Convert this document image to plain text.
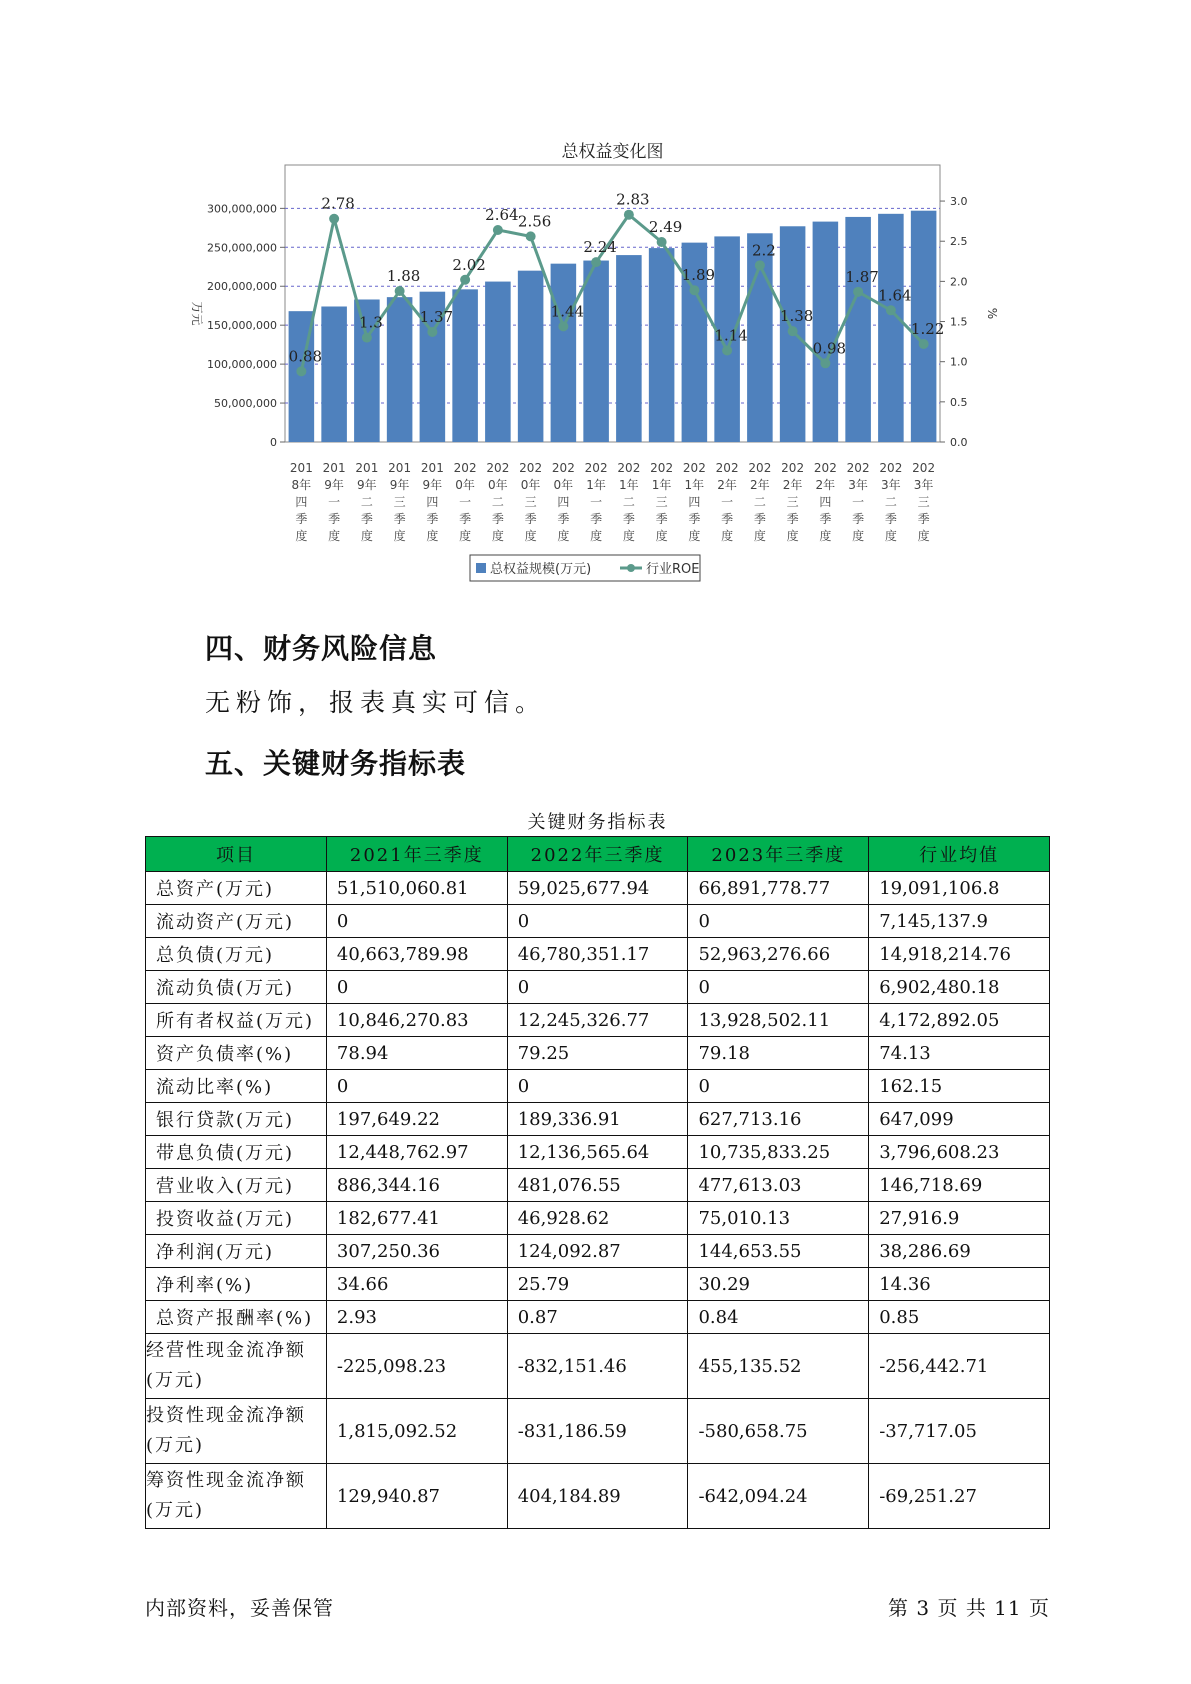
总权益变化图
0
50,000,000
100,000,000
150,000,000
200,000,000
250,000,000
300,000,000
0.0
0.5
1.0
1.5
2.0
2.5
3.0
万元	%
0.88
2.78
1.3
1.88
1.37
2.02
2.64 2.56
1.44
2.24
2.83
2.49
1.89
1.14
2.2
1.38
0.98
1.87
1.64
1.22
201
8年
四
季
度
201
9年
一
季
度
201
9年
二
季
度
201
9年
三
季
度
201
9年
四
季
度
202
0年
一
季
度
202
0年
二
季
度
202
0年
三
季
度
202
0年
四
季
度
202
1年
一
季
度
202
1年
二
季
度
202
1年
三
季
度
202
1年
四
季
度
202
2年
一
季
度
202
2年
二
季
度
202
2年
三
季
度
202
2年
四
季
度
202
3年
一
季
度
202
3年
二
季
度
202
3年
三
季
度
总权益规模(万元)	行业ROE
四、财务风险信息
无粉饰，报表真实可信。
五、关键财务指标表
关键财务指标表
项目	2021年三季度	2022年三季度	2023年三季度	行业均值
总资产(万元)	51,510,060.81	59,025,677.94	66,891,778.77	19,091,106.8
流动资产(万元)	0	0	0	7,145,137.9
总负债(万元)	40,663,789.98	46,780,351.17	52,963,276.66	14,918,214.76
流动负债(万元)	0	0	0	6,902,480.18
所有者权益(万元)	10,846,270.83	12,245,326.77	13,928,502.11	4,172,892.05
资产负债率(%)	78.94	79.25	79.18	74.13
流动比率(%)	0	0	0	162.15
银行贷款(万元)	197,649.22	189,336.91	627,713.16	647,099
带息负债(万元)	12,448,762.97	12,136,565.64	10,735,833.25	3,796,608.23
营业收入(万元)	886,344.16	481,076.55	477,613.03	146,718.69
投资收益(万元)	182,677.41	46,928.62	75,010.13	27,916.9
净利润(万元)	307,250.36	124,092.87	144,653.55	38,286.69
净利率(%)	34.66	25.79	30.29	14.36
总资产报酬率(%)	2.93	0.87	0.84	0.85
经营性现金流净额(万元)	-225,098.23	-832,151.46	455,135.52	-256,442.71
投资性现金流净额(万元)	1,815,092.52	-831,186.59	-580,658.75	-37,717.05
筹资性现金流净额(万元)	129,940.87	404,184.89	-642,094.24	-69,251.27
内部资料，妥善保管	第 3 页 共 11 页
